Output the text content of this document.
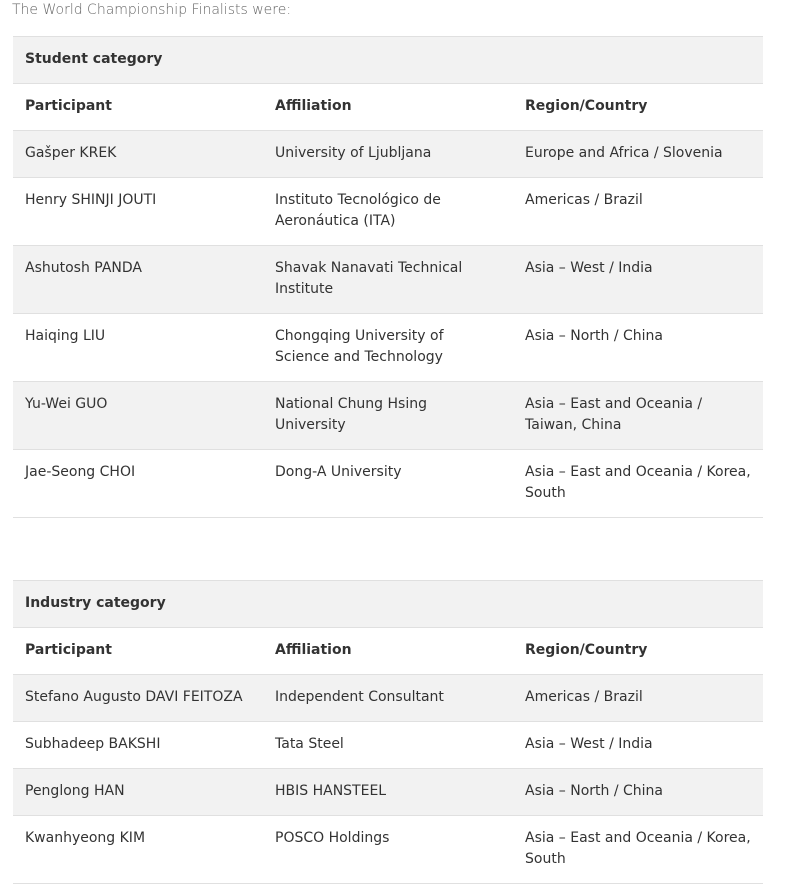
The World Championship Finalists were:

Student category		
Participant	Affiliation	Region/Country
Gašper KREK	University of Ljubljana	Europe and Africa / Slovenia
Henry SHINJI JOUTI	Instituto Tecnológico de Aeronáutica (ITA)	Americas / Brazil
Ashutosh PANDA	Shavak Nanavati Technical Institute	Asia – West / India
Haiqing LIU	Chongqing University of Science and Technology	Asia – North / China
Yu-Wei GUO	National Chung Hsing University	Asia – East and Oceania / Taiwan, China
Jae-Seong CHOI	Dong-A University	Asia – East and Oceania / Korea, South
Industry category		
Participant	Affiliation	Region/Country
Stefano Augusto DAVI FEITOZA	Independent Consultant	Americas / Brazil
Subhadeep BAKSHI	Tata Steel	Asia – West / India
Penglong HAN	HBIS HANSTEEL	Asia – North / China
Kwanhyeong KIM	POSCO Holdings	Asia – East and Oceania / Korea, South
